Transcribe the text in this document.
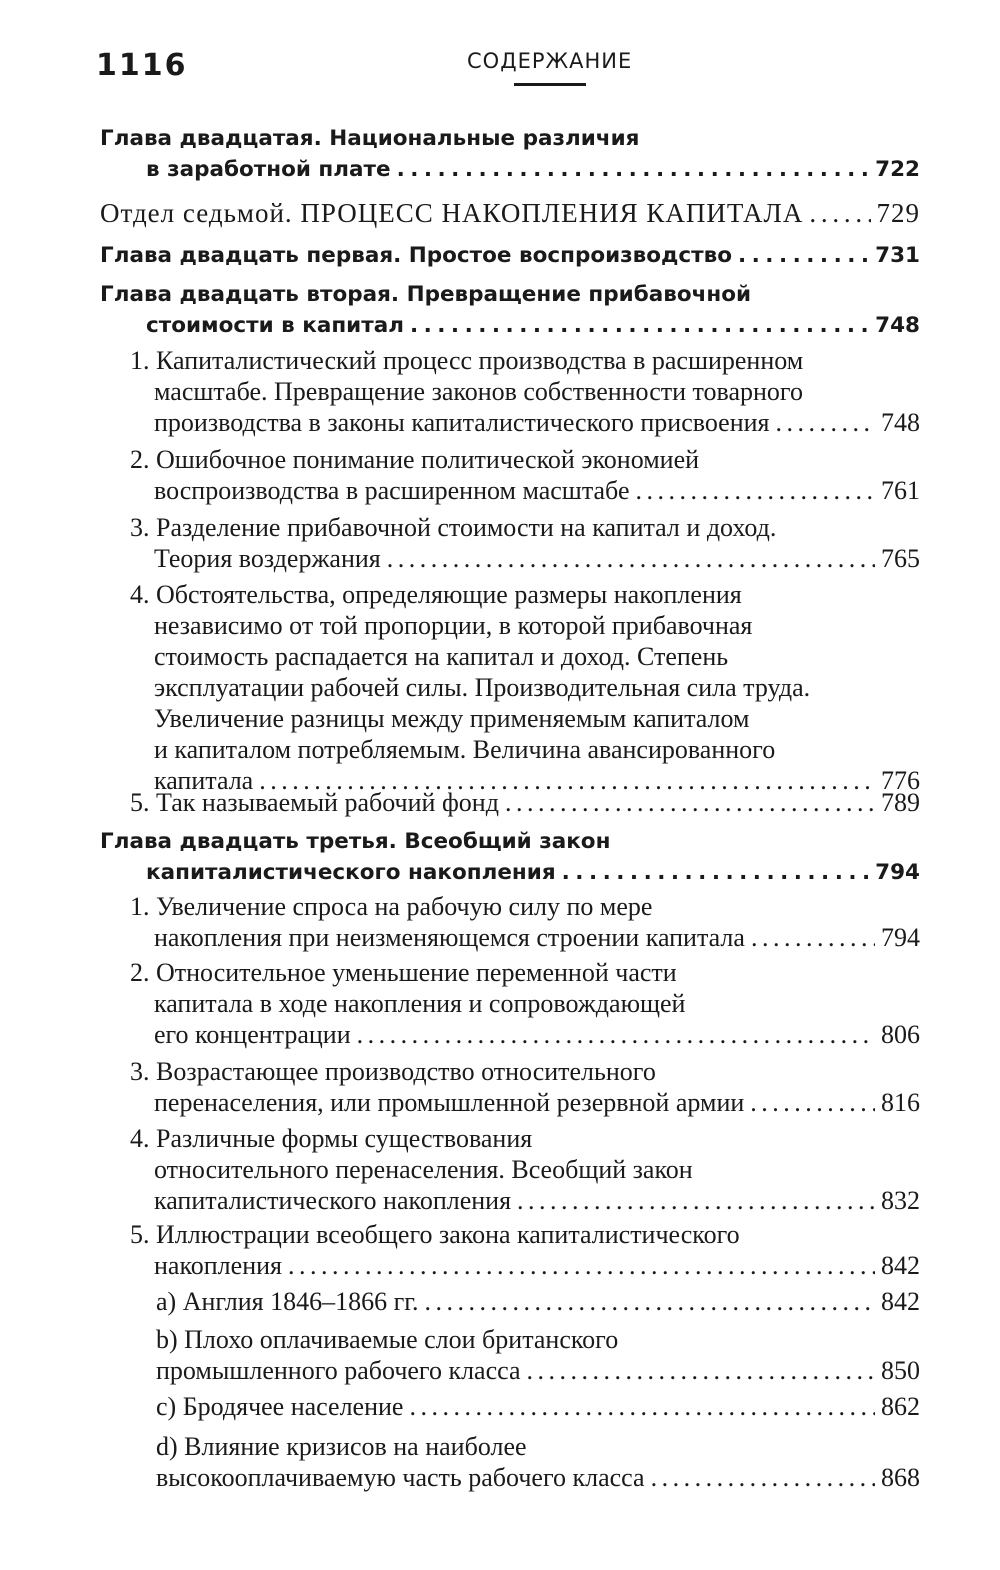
1116	СОДЕРЖАНИЕ
Глава двадцатая. Национальные различия
в заработной плате . . .	722
Отдел седьмой. ПРОЦЕСС НАКОПЛЕНИЯ КАПИТАЛА . . .	729
Глава двадцать первая. Простое воспроизводство . . .	731
Глава двадцать вторая. Превращение прибавочной
стоимости в капитал . . .	748
1. Капиталистический процесс производства в расширенном
масштабе. Превращение законов собственности товарного
производства в законы капиталистического присвоения . . .	748
2. Ошибочное понимание политической экономией
воспроизводства в расширенном масштабе . . .	761
3. Разделение прибавочной стоимости на капитал и доход.
Теория воздержания . . .	765
4. Обстоятельства, определяющие размеры накопления
независимо от той пропорции, в которой прибавочная
стоимость распадается на капитал и доход. Степень
эксплуатации рабочей силы. Производительная сила труда.
Увеличение разницы между применяемым капиталом
и капиталом потребляемым. Величина авансированного
капитала . . .	776
5. Так называемый рабочий фонд . . .	789
Глава двадцать третья. Всеобщий закон
капиталистического накопления . . .	794
1. Увеличение спроса на рабочую силу по мере
накопления при неизменяющемся строении капитала . . .	794
2. Относительное уменьшение переменной части
капитала в ходе накопления и сопровождающей
его концентрации . . .	806
3. Возрастающее производство относительного
перенаселения, или промышленной резервной армии . . .	816
4. Различные формы существования
относительного перенаселения. Всеобщий закон
капиталистического накопления . . .	832
5. Иллюстрации всеобщего закона капиталистического
накопления . . .	842
a) Англия 1846–1866 гг. . . .	842
b) Плохо оплачиваемые слои британского
промышленного рабочего класса . . .	850
c) Бродячее население . . .	862
d) Влияние кризисов на наиболее
высокооплачиваемую часть рабочего класса . . .	868
